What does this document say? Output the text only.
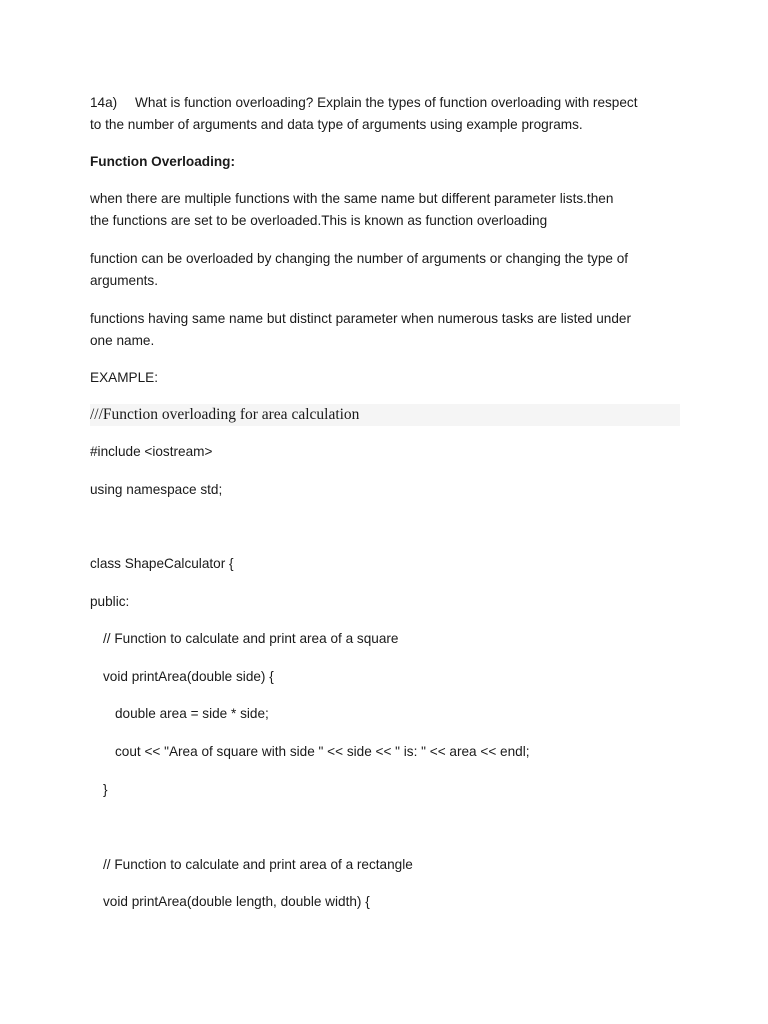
14a) What is function overloading? Explain the types of function overloading with respect
to the number of arguments and data type of arguments using example programs.
Function Overloading:
when there are multiple functions with the same name but different parameter lists.then
the functions are set to be overloaded.This is known as function overloading
function can be overloaded by changing the number of arguments or changing the type of
arguments.
functions having same name but distinct parameter when numerous tasks are listed under
one name.
EXAMPLE:
///Function overloading for area calculation
#include <iostream>
using namespace std;
class ShapeCalculator {
public:
// Function to calculate and print area of a square
void printArea(double side) {
double area = side * side;
cout << "Area of square with side " << side << " is: " << area << endl;
}
// Function to calculate and print area of a rectangle
void printArea(double length, double width) {
